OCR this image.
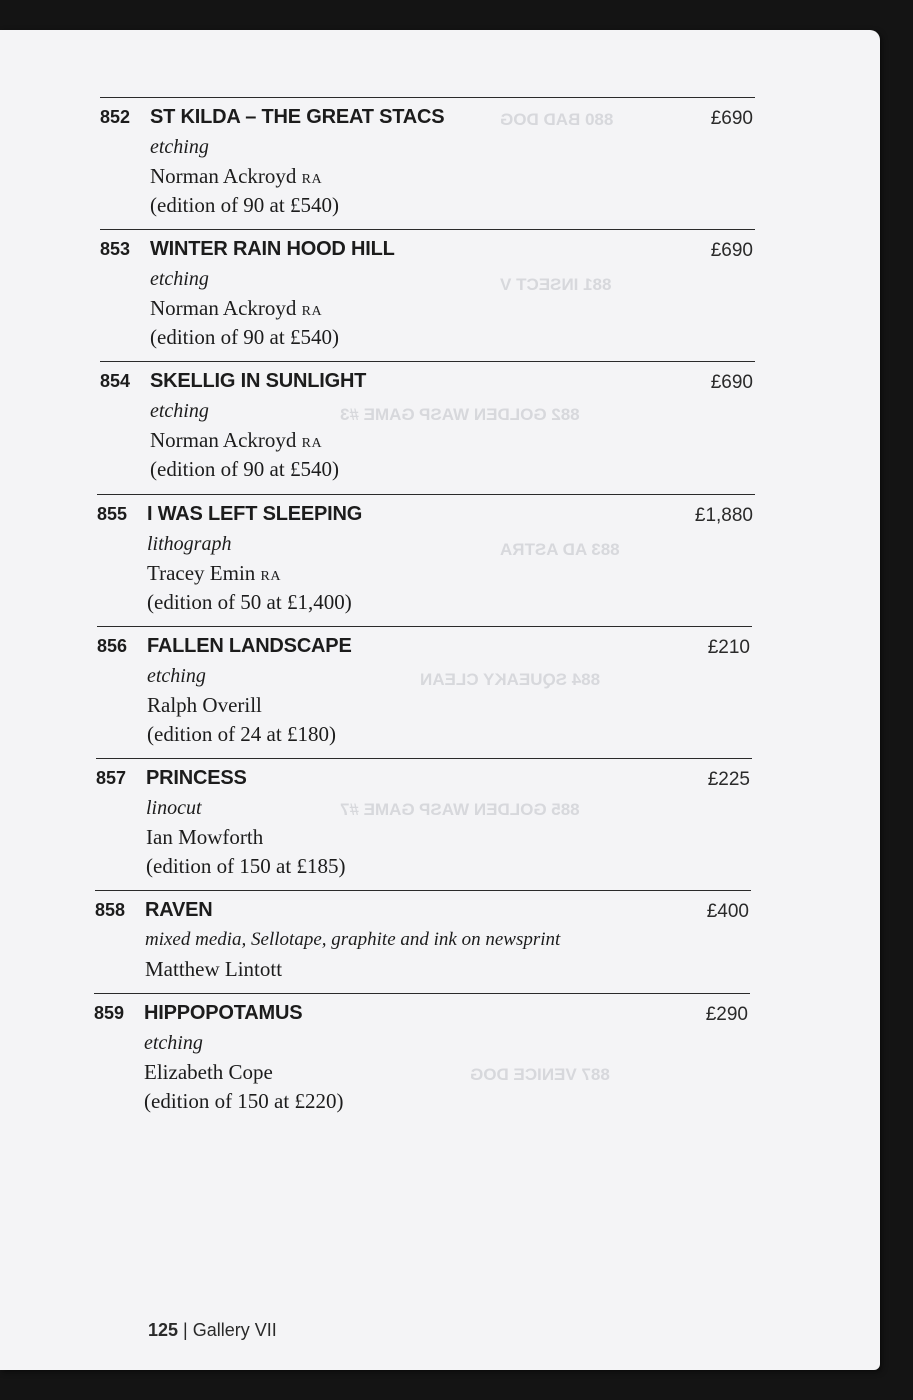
880 BAD DOG
881 INSECT V
882 GOLDEN WASP GAME #3
883 AD ASTRA
884 SQUEAKY CLEAN
885 GOLDEN WASP GAME #7
887 VENICE DOG
852 ST KILDA – THE GREAT STACS	£690
etching
Norman Ackroyd RA
(edition of 90 at £540)
853 WINTER RAIN HOOD HILL	£690
etching
Norman Ackroyd RA
(edition of 90 at £540)
854 SKELLIG IN SUNLIGHT	£690
etching
Norman Ackroyd RA
(edition of 90 at £540)
855 I WAS LEFT SLEEPING	£1,880
lithograph
Tracey Emin RA
(edition of 50 at £1,400)
856 FALLEN LANDSCAPE	£210
etching
Ralph Overill
(edition of 24 at £180)
857 PRINCESS	£225
linocut
Ian Mowforth
(edition of 150 at £185)
858 RAVEN	£400
mixed media, Sellotape, graphite and ink on newsprint
Matthew Lintott
859 HIPPOPOTAMUS	£290
etching
Elizabeth Cope
(edition of 150 at £220)
125 | Gallery VII
